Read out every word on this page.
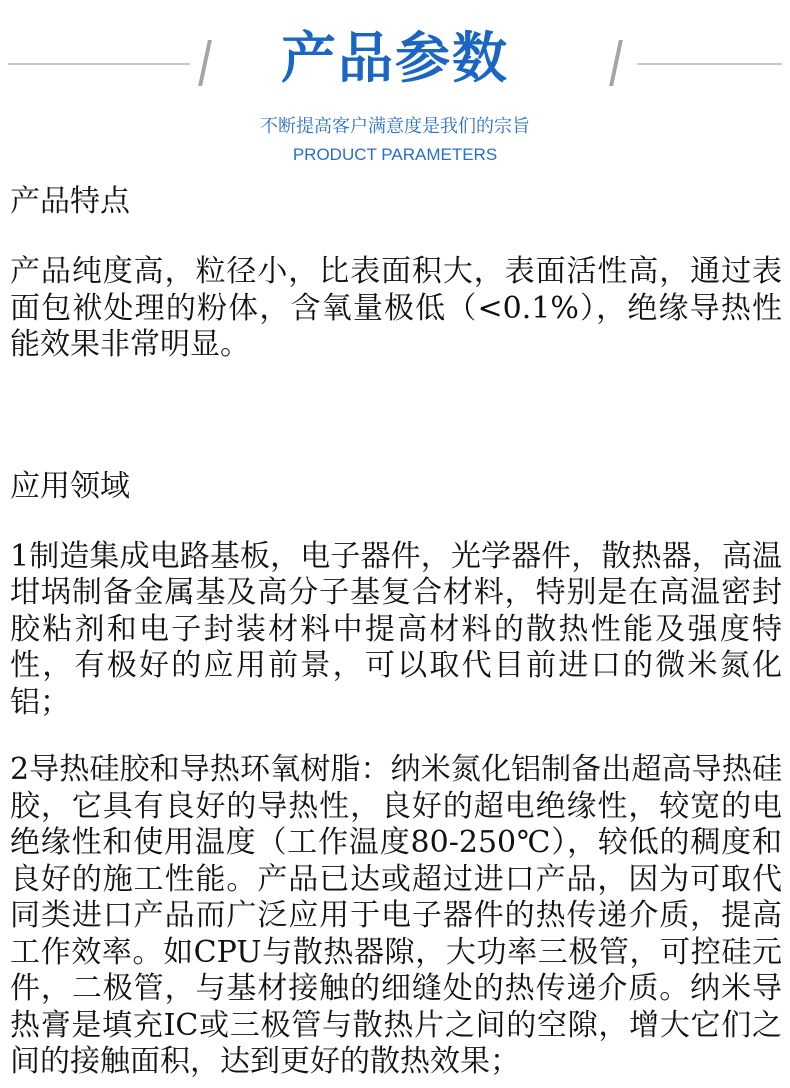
产品参数
不断提高客户满意度是我们的宗旨
PRODUCT PARAMETERS
产品特点

产品纯度高，粒径小，比表面积大，表面活性高，通过表面包袱处理的粉体，含氧量极低（<0.1%），绝缘导热性能效果非常明显。

应用领域

1制造集成电路基板，电子器件，光学器件，散热器，高温坩埚制备金属基及高分子基复合材料，特别是在高温密封胶粘剂和电子封装材料中提高材料的散热性能及强度特性，有极好的应用前景，可以取代目前进口的微米氮化铝；

2导热硅胶和导热环氧树脂：纳米氮化铝制备出超高导热硅胶，它具有良好的导热性，良好的超电绝缘性，较宽的电绝缘性和使用温度（工作温度80-250℃），较低的稠度和良好的施工性能。产品已达或超过进口产品，因为可取代同类进口产品而广泛应用于电子器件的热传递介质，提高工作效率。如CPU与散热器隙，大功率三极管，可控硅元件，二极管，与基材接触的细缝处的热传递介质。纳米导热膏是填充IC或三极管与散热片之间的空隙，增大它们之间的接触面积，达到更好的散热效果；
